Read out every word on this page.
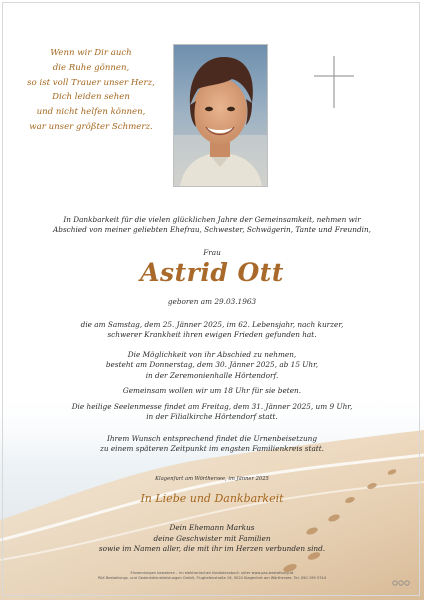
Wenn wir Dir auch
die Ruhe gönnen,
so ist voll Trauer unser Herz,
Dich leiden sehen
und nicht helfen können,
war unser größter Schmerz.
In Dankbarkeit für die vielen glücklichen Jahre der Gemeinsamkeit, nehmen wir
Abschied von meiner geliebten Ehefrau, Schwester, Schwägerin, Tante und Freundin,
Frau
Astrid Ott
geboren am 29.03.1963
die am Samstag, dem 25. Jänner 2025, im 62. Lebensjahr, nach kurzer,
schwerer Krankheit ihren ewigen Frieden gefunden hat.
Die Möglichkeit von ihr Abschied zu nehmen,
besteht am Donnerstag, dem 30. Jänner 2025, ab 15 Uhr,
in der Zeremonienhalle Hörtendorf.
Gemeinsam wollen wir um 18 Uhr für sie beten.
Die heilige Seelenmesse findet am Freitag, dem 31. Jänner 2025, um 9 Uhr,
in der Filialkirche Hörtendorf statt.
Ihrem Wunsch entsprechend findet die Urnenbeisetzung
zu einem späteren Zeitpunkt im engsten Familienkreis statt.
Klagenfurt am Wörthersee, im Jänner 2025
In Liebe und Dankbarkeit
Dein Ehemann Markus
deine Geschwister mit Familien
sowie im Namen aller, die mit ihr im Herzen verbunden sind.
Einsendungen bewahren – im elektronischen Kondolenzbuch unter www.pax-bestattung.at
PAX Bestattungs- und Gedenkdienstleistungen GmbH, Flughafenstraße 16, 9020 Klagenfurt am Wörthersee, Tel. 050 199 5744
